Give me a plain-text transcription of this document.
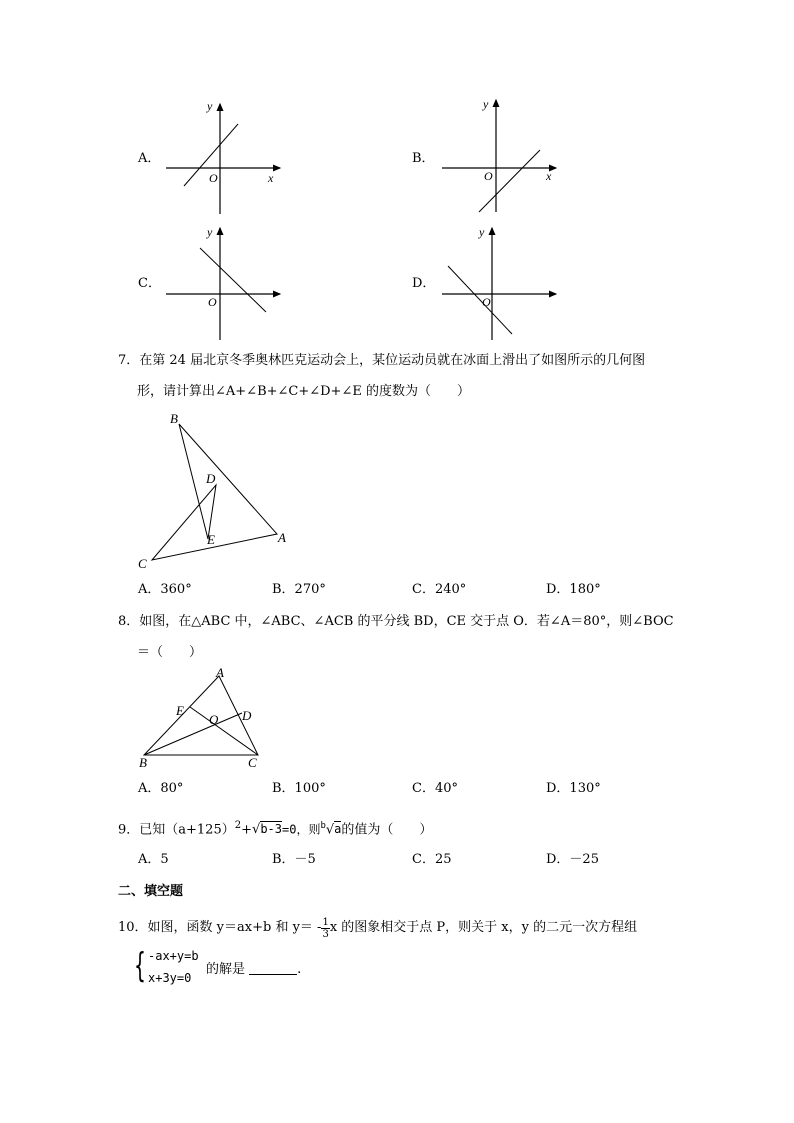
A．
y
x
O
B．
y
x
O
C．
y
O
D．
y
O
7．在第 24 届北京冬季奥林匹克运动会上，某位运动员就在冰面上滑出了如图所示的几何图
形，请计算出∠A+∠B+∠C+∠D+∠E 的度数为（　　）
B
D
E	A
C
A．360°	B．270°	C．240°	D．180°
8．如图，在△ABC 中，∠ABC、∠ACB 的平分线 BD，CE 交于点 O．若∠A＝80°，则∠BOC
＝（　　）
A
E
O D
B	C
A．80°	B．100°	C．40°	D．130°
9．已知$(a+125)^2+√b-3=0$，则$^b$√a的值为（　　）
A．5	B．－5	C．25	D．－25
二、填空题
10．如图，函数 y＝ax+b 和 $y= - \frac{1}{3}$ x 的图象相交于点 P，则关于 x，y 的二元一次方程组
{ -ax+y=b
x+3y=0
的解是	.
